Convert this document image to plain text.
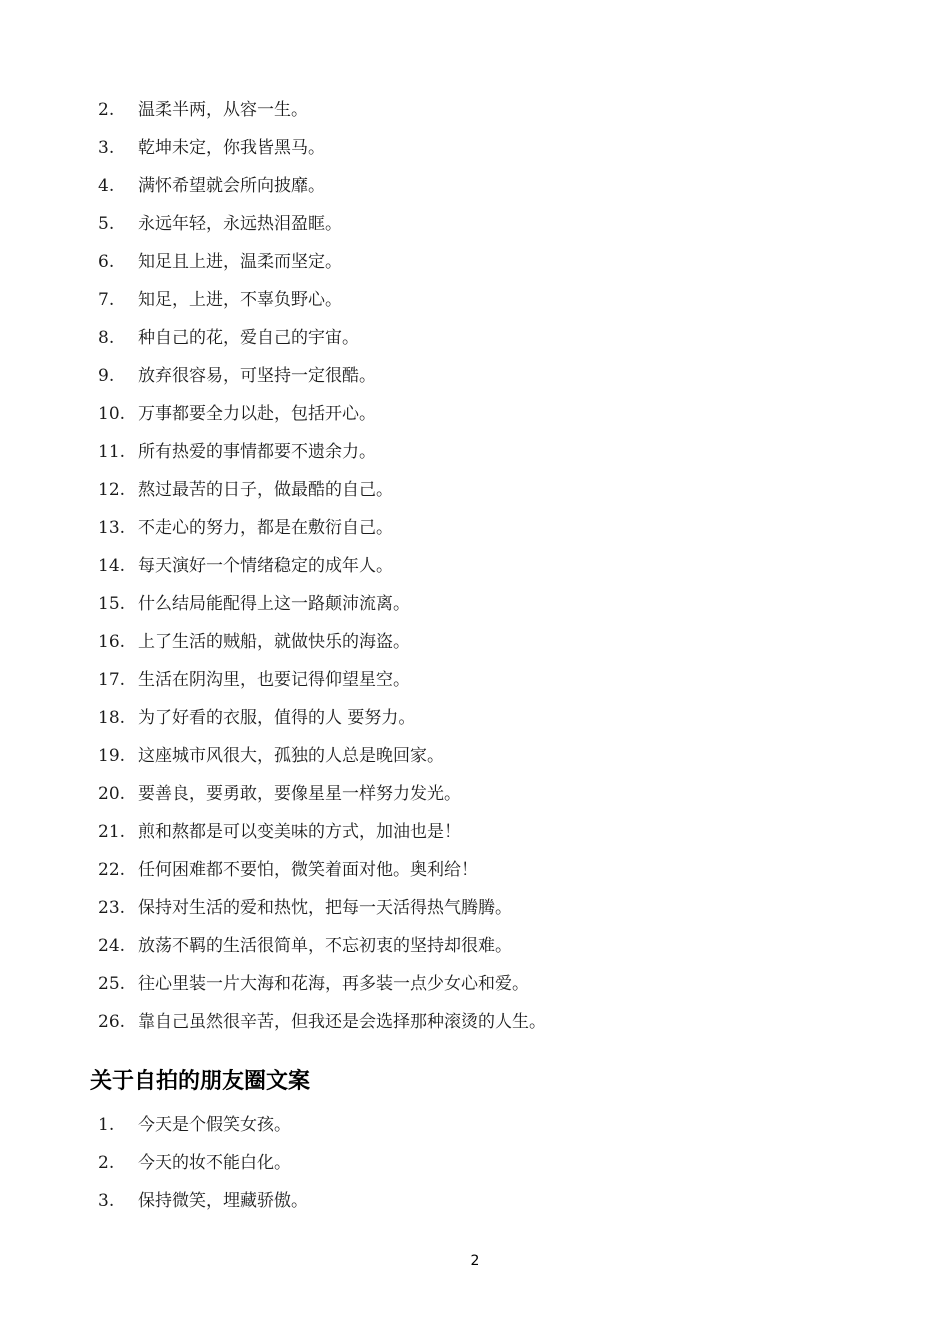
2. 温柔半两，从容一生。
3. 乾坤未定，你我皆黑马。
4. 满怀希望就会所向披靡。
5. 永远年轻，永远热泪盈眶。
6. 知足且上进，温柔而坚定。
7. 知足，上进，不辜负野心。
8. 种自己的花，爱自己的宇宙。
9. 放弃很容易，可坚持一定很酷。
10. 万事都要全力以赴，包括开心。
11. 所有热爱的事情都要不遗余力。
12. 熬过最苦的日子，做最酷的自己。
13. 不走心的努力，都是在敷衍自己。
14. 每天演好一个情绪稳定的成年人。
15. 什么结局能配得上这一路颠沛流离。
16. 上了生活的贼船，就做快乐的海盗。
17. 生活在阴沟里，也要记得仰望星空。
18. 为了好看的衣服，值得的人 要努力。
19. 这座城市风很大，孤独的人总是晚回家。
20. 要善良，要勇敢，要像星星一样努力发光。
21. 煎和熬都是可以变美味的方式，加油也是！
22. 任何困难都不要怕，微笑着面对他。奥利给！
23. 保持对生活的爱和热忱，把每一天活得热气腾腾。
24. 放荡不羁的生活很简单，不忘初衷的坚持却很难。
25. 往心里装一片大海和花海，再多装一点少女心和爱。
26. 靠自己虽然很辛苦，但我还是会选择那种滚烫的人生。
关于自拍的朋友圈文案
1. 今天是个假笑女孩。
2. 今天的妆不能白化。
3. 保持微笑，埋藏骄傲。
2
